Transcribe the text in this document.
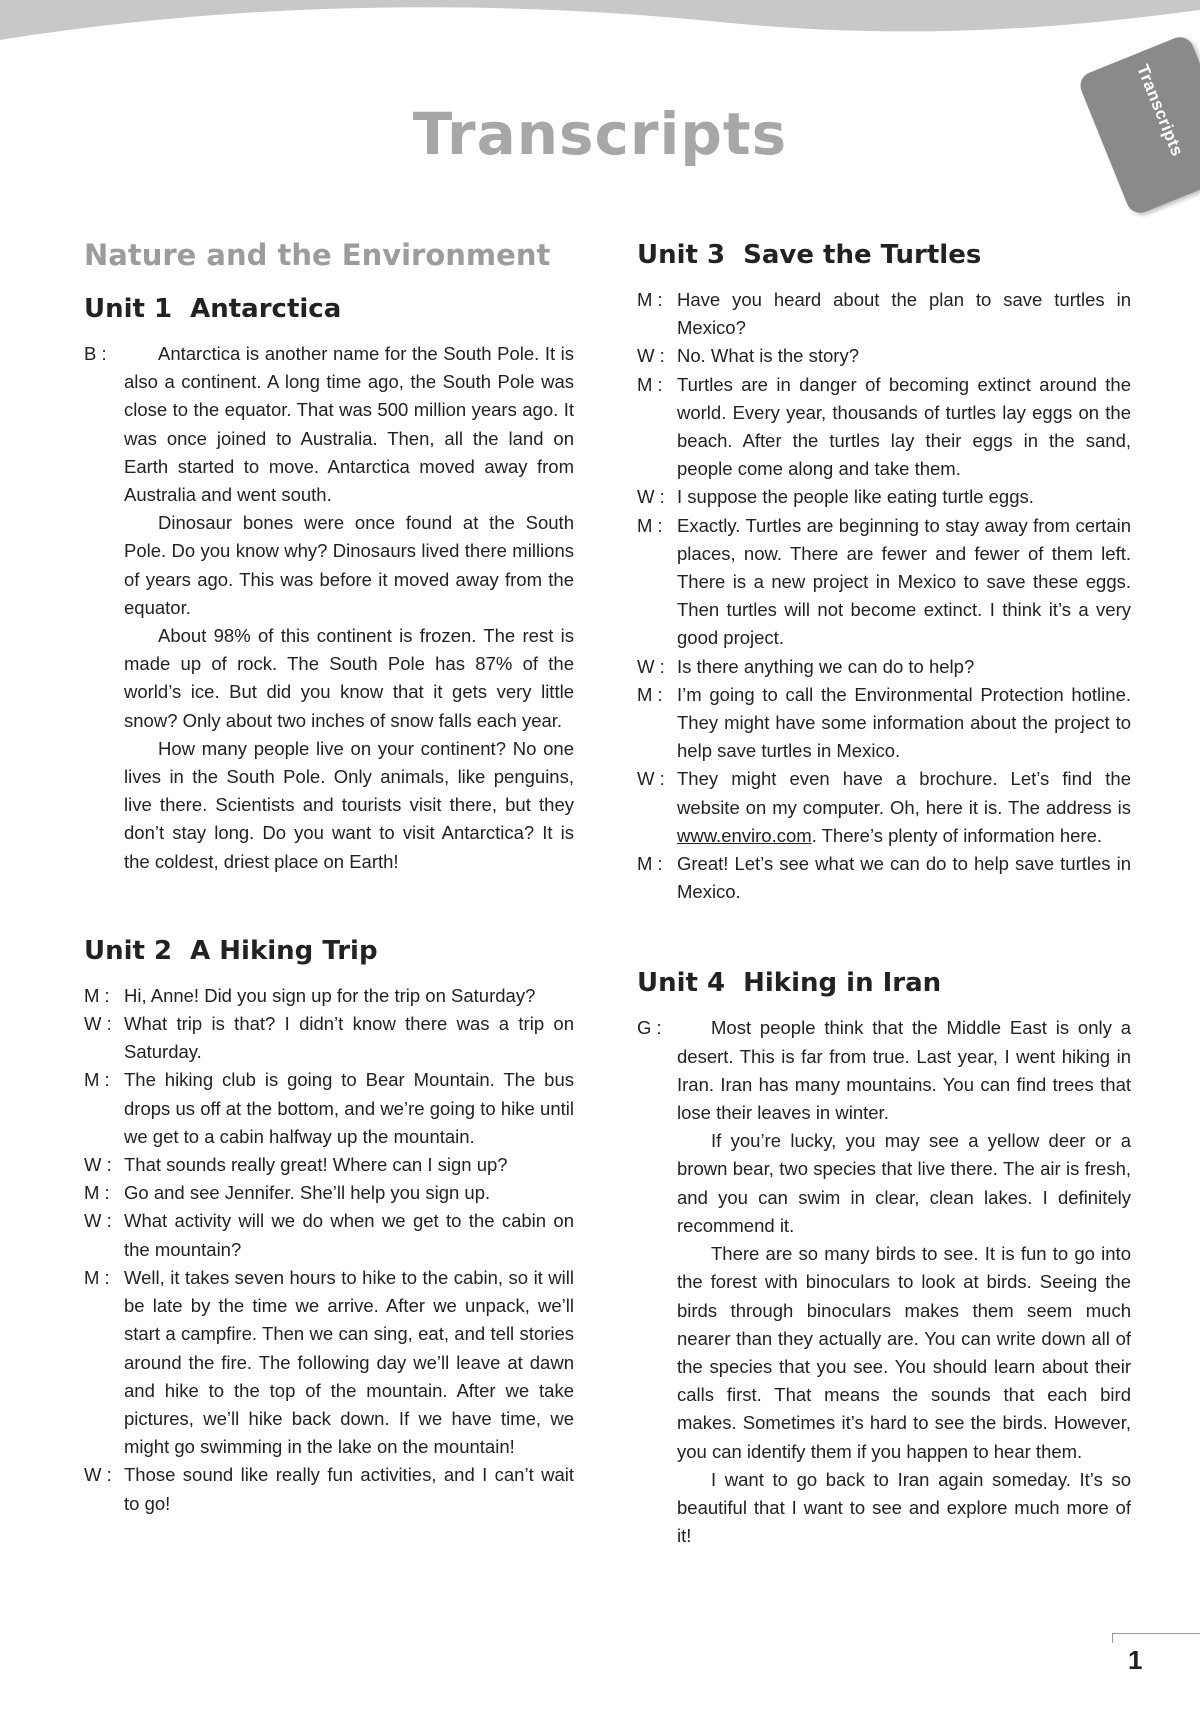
Transcripts
Transcripts
Nature and the Environment
Unit 1 Antarctica
B :	Antarctica is another name for the South Pole. It is also a continent. A long time ago, the South Pole was close to the equator. That was 500 million years ago. It was once joined to Australia. Then, all the land on Earth started to move. Antarctica moved away from Australia and went south.
Dinosaur bones were once found at the South Pole. Do you know why? Dinosaurs lived there millions of years ago. This was before it moved away from the equator.
About 98% of this continent is frozen. The rest is made up of rock. The South Pole has 87% of the world’s ice. But did you know that it gets very little snow? Only about two inches of snow falls each year.
How many people live on your continent? No one lives in the South Pole. Only animals, like penguins, live there. Scientists and tourists visit there, but they don’t stay long. Do you want to visit Antarctica? It is the coldest, driest place on Earth!
Unit 2 A Hiking Trip
M : Hi, Anne! Did you sign up for the trip on Saturday?
W : What trip is that? I didn’t know there was a trip on Saturday.
M : The hiking club is going to Bear Mountain. The bus drops us off at the bottom, and we’re going to hike until we get to a cabin halfway up the mountain.
W : That sounds really great! Where can I sign up?
M : Go and see Jennifer. She’ll help you sign up.
W : What activity will we do when we get to the cabin on the mountain?
M : Well, it takes seven hours to hike to the cabin, so it will be late by the time we arrive. After we unpack, we’ll start a campfire. Then we can sing, eat, and tell stories around the fire. The following day we’ll leave at dawn and hike to the top of the mountain. After we take pictures, we’ll hike back down. If we have time, we might go swimming in the lake on the mountain!
W : Those sound like really fun activities, and I can’t wait to go!
Unit 3 Save the Turtles
M : Have you heard about the plan to save turtles in Mexico?
W : No. What is the story?
M : Turtles are in danger of becoming extinct around the world. Every year, thousands of turtles lay eggs on the beach. After the turtles lay their eggs in the sand, people come along and take them.
W : I suppose the people like eating turtle eggs.
M : Exactly. Turtles are beginning to stay away from certain places, now. There are fewer and fewer of them left. There is a new project in Mexico to save these eggs. Then turtles will not become extinct. I think it’s a very good project.
W : Is there anything we can do to help?
M : I’m going to call the Environmental Protection hotline. They might have some information about the project to help save turtles in Mexico.
W : They might even have a brochure. Let’s find the website on my computer. Oh, here it is. The address is www.enviro.com. There’s plenty of information here.
M : Great! Let’s see what we can do to help save turtles in Mexico.
Unit 4 Hiking in Iran
G :	Most people think that the Middle East is only a desert. This is far from true. Last year, I went hiking in Iran. Iran has many mountains. You can find trees that lose their leaves in winter.
If you’re lucky, you may see a yellow deer or a brown bear, two species that live there. The air is fresh, and you can swim in clear, clean lakes. I definitely recommend it.
There are so many birds to see. It is fun to go into the forest with binoculars to look at birds. Seeing the birds through binoculars makes them seem much nearer than they actually are. You can write down all of the species that you see. You should learn about their calls first. That means the sounds that each bird makes. Sometimes it’s hard to see the birds. However, you can identify them if you happen to hear them.
I want to go back to Iran again someday. It’s so beautiful that I want to see and explore much more of it!
1
